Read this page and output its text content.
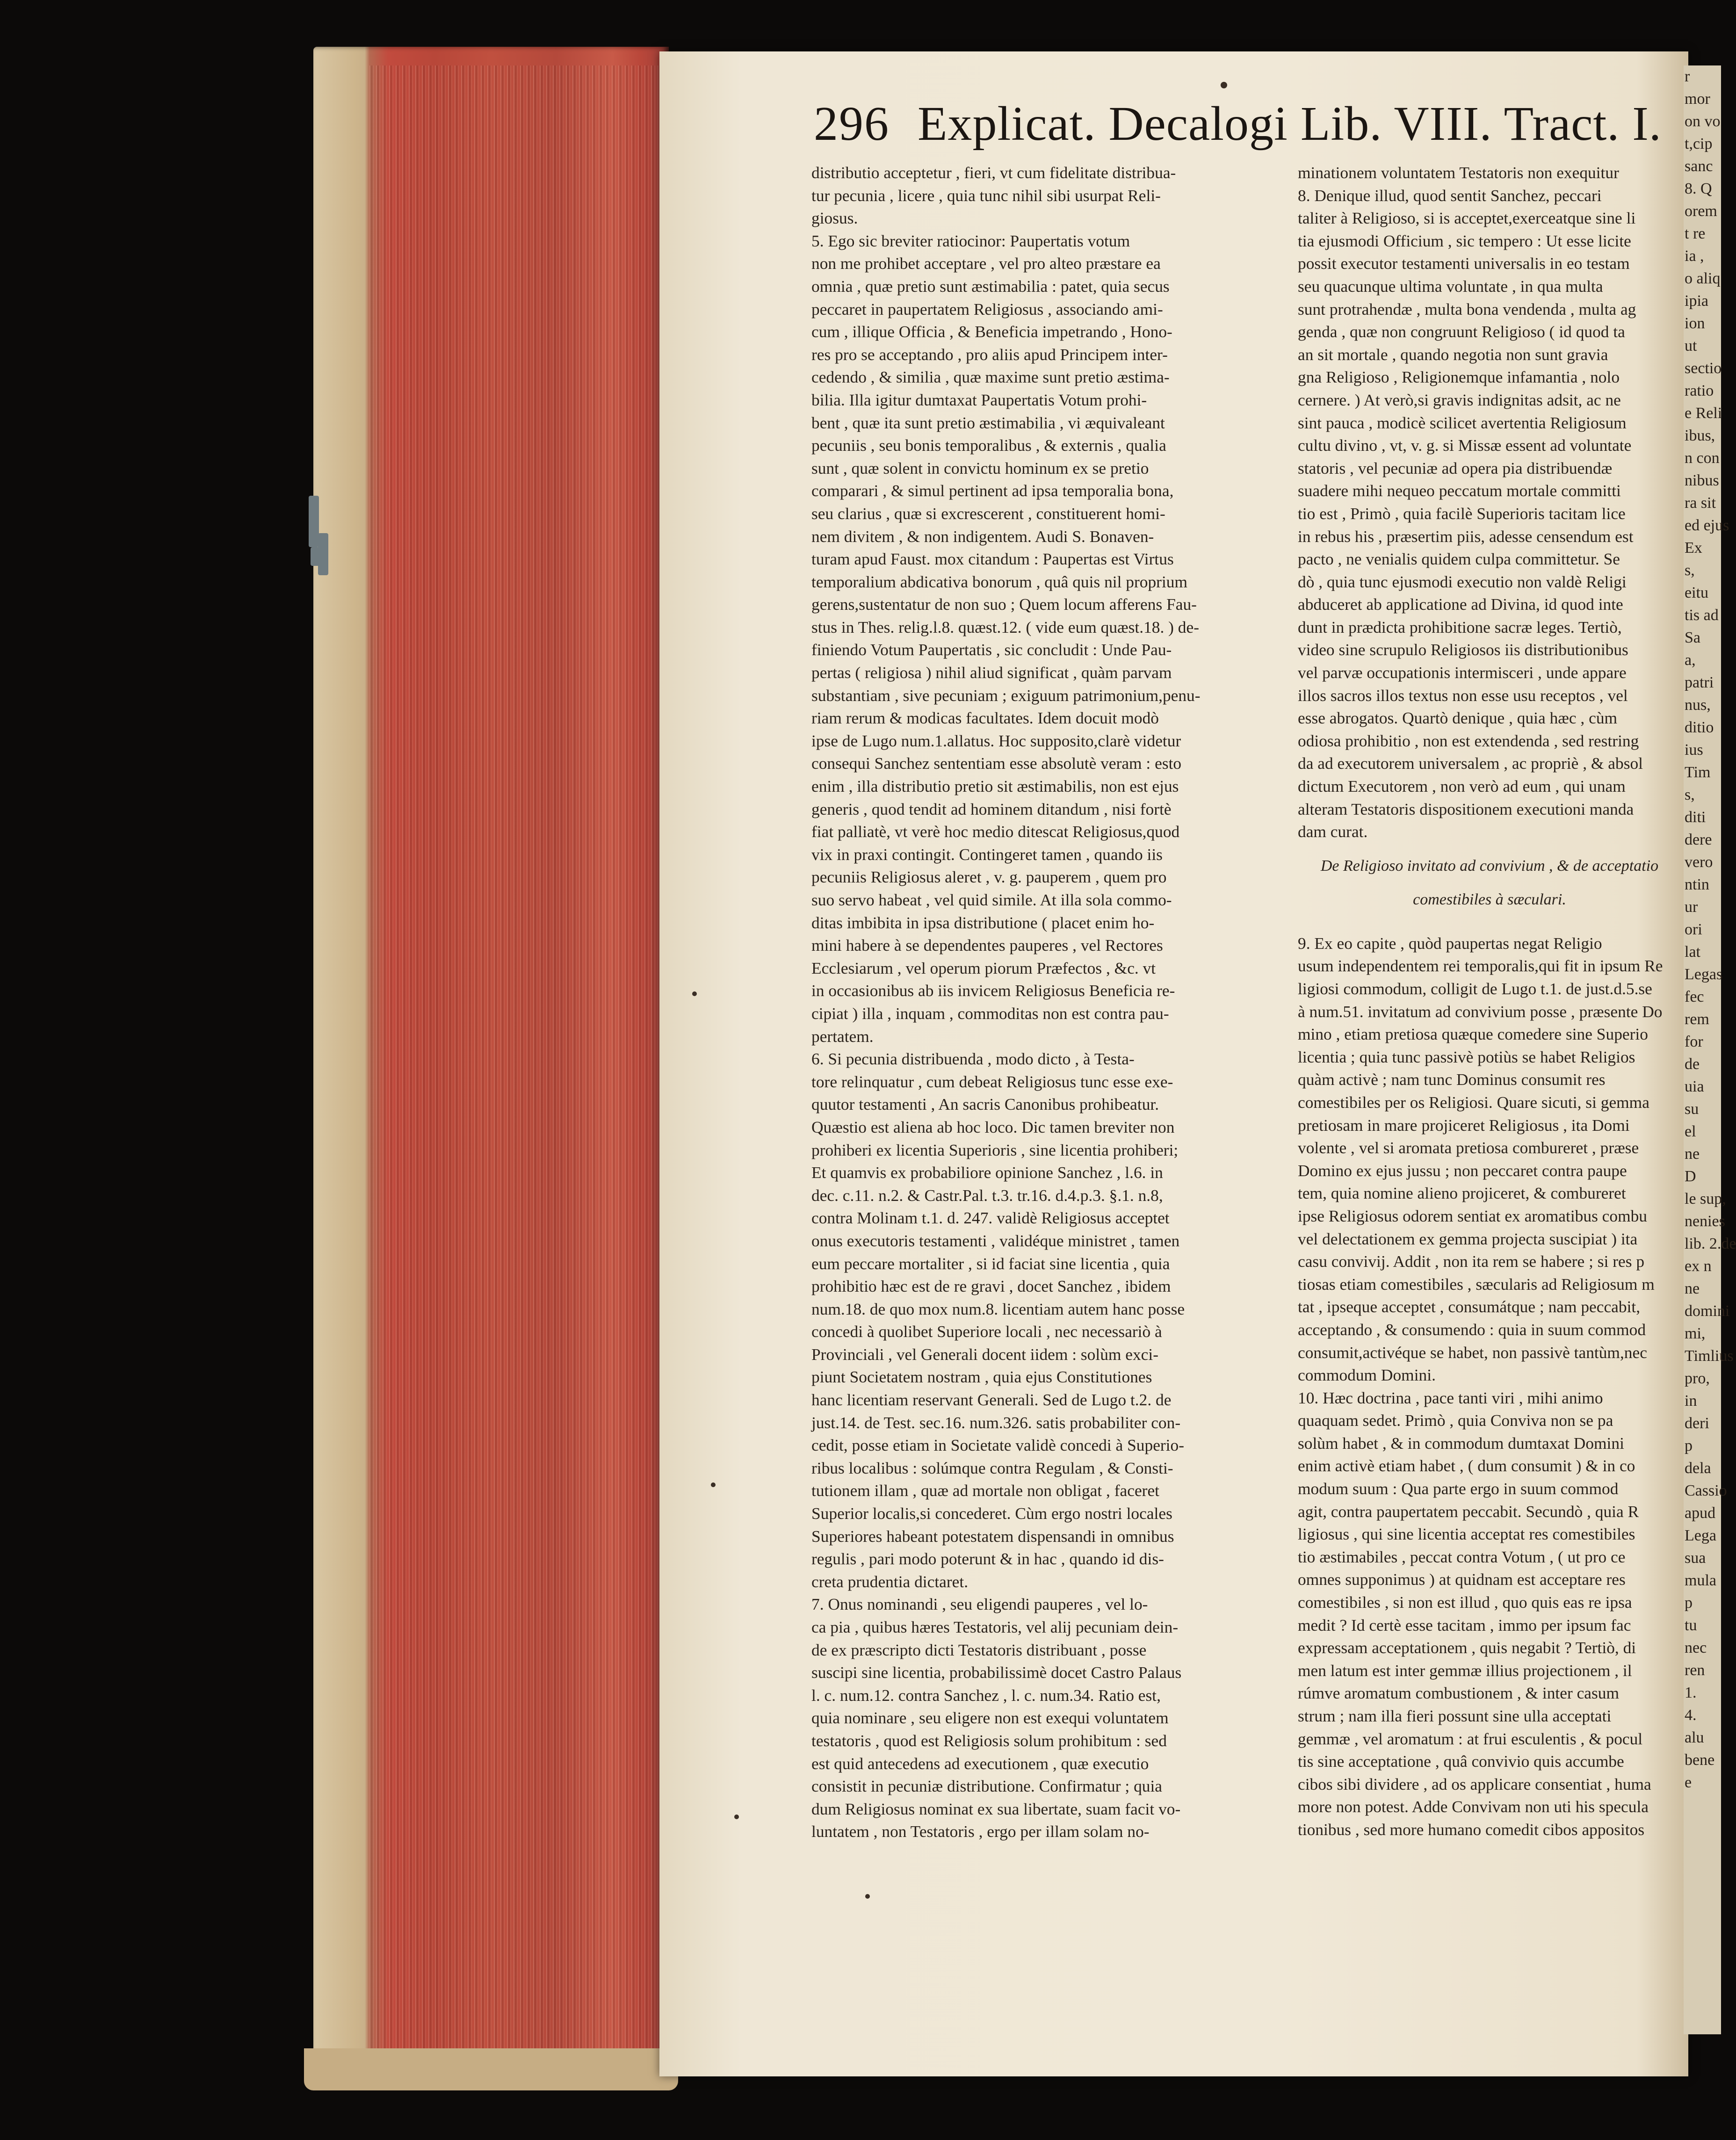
r
mor
on vo
t,cip
sanc
8. Q
orem
t re
ia ,
o aliq
ipia
ion
ut
sectio
ratio
e Reli
ibus,
n con
nibus
ra sit
ed ejus
Ex
s,
eitu
tis ad
Sa
a,
patri
nus,
ditio
ius
Tim
s,
diti
dere
vero
ntin
ur
ori
lat
Legas
fec
rem
for
de
uia
su
el
ne
D
le sup,
nenies
lib. 2.de
ex n
ne
domini
mi,
Timlius
pro,
in
deri
p
dela
Cassio
apud
Lega
sua
mula
p
tu
nec
ren
1.
4.
alu
bene
e
296 Explicat. Decalogi Lib. VIII. Tract. I.

distributio acceptetur , fieri, vt cum fidelitate distribua-

tur pecunia , licere , quia tunc nihil sibi usurpat Reli-

giosus.

5. Ego sic breviter ratiocinor: Paupertatis votum

non me prohibet acceptare , vel pro alteo præstare ea

omnia , quæ pretio sunt æstimabilia : patet, quia secus

peccaret in paupertatem Religiosus , associando ami-

cum , illique Officia , & Beneficia impetrando , Hono-

res pro se acceptando , pro aliis apud Principem inter-

cedendo , & similia , quæ maxime sunt pretio æstima-

bilia. Illa igitur dumtaxat Paupertatis Votum prohi-

bent , quæ ita sunt pretio æstimabilia , vi æquivaleant

pecuniis , seu bonis temporalibus , & externis , qualia

sunt , quæ solent in convictu hominum ex se pretio

comparari , & simul pertinent ad ipsa temporalia bona,

seu clarius , quæ si excrescerent , constituerent homi-

nem divitem , & non indigentem. Audi S. Bonaven-

turam apud Faust. mox citandum : Paupertas est Virtus

temporalium abdicativa bonorum , quâ quis nil proprium

gerens,sustentatur de non suo ; Quem locum afferens Fau-

stus in Thes. relig.l.8. quæst.12. ( vide eum quæst.18. ) de-

finiendo Votum Paupertatis , sic concludit : Unde Pau-

pertas ( religiosa ) nihil aliud significat , quàm parvam

substantiam , sive pecuniam ; exiguum patrimonium,penu-

riam rerum & modicas facultates. Idem docuit modò

ipse de Lugo num.1.allatus. Hoc supposito,clarè videtur

consequi Sanchez sententiam esse absolutè veram : esto

enim , illa distributio pretio sit æstimabilis, non est ejus

generis , quod tendit ad hominem ditandum , nisi fortè

fiat palliatè, vt verè hoc medio ditescat Religiosus,quod

vix in praxi contingit. Contingeret tamen , quando iis

pecuniis Religiosus aleret , v. g. pauperem , quem pro

suo servo habeat , vel quid simile. At illa sola commo-

ditas imbibita in ipsa distributione ( placet enim ho-

mini habere à se dependentes pauperes , vel Rectores

Ecclesiarum , vel operum piorum Præfectos , &c. vt

in occasionibus ab iis invicem Religiosus Beneficia re-

cipiat ) illa , inquam , commoditas non est contra pau-

pertatem.

6. Si pecunia distribuenda , modo dicto , à Testa-

tore relinquatur , cum debeat Religiosus tunc esse exe-

quutor testamenti , An sacris Canonibus prohibeatur.

Quæstio est aliena ab hoc loco. Dic tamen breviter non

prohiberi ex licentia Superioris , sine licentia prohiberi;

Et quamvis ex probabiliore opinione Sanchez , l.6. in

dec. c.11. n.2. & Castr.Pal. t.3. tr.16. d.4.p.3. §.1. n.8,

contra Molinam t.1. d. 247. validè Religiosus acceptet

onus executoris testamenti , validéque ministret , tamen

eum peccare mortaliter , si id faciat sine licentia , quia

prohibitio hæc est de re gravi , docet Sanchez , ibidem

num.18. de quo mox num.8. licentiam autem hanc posse

concedi à quolibet Superiore locali , nec necessariò à

Provinciali , vel Generali docent iidem : solùm exci-

piunt Societatem nostram , quia ejus Constitutiones

hanc licentiam reservant Generali. Sed de Lugo t.2. de

just.14. de Test. sec.16. num.326. satis probabiliter con-

cedit, posse etiam in Societate validè concedi à Superio-

ribus localibus : solúmque contra Regulam , & Consti-

tutionem illam , quæ ad mortale non obligat , faceret

Superior localis,si concederet. Cùm ergo nostri locales

Superiores habeant potestatem dispensandi in omnibus

regulis , pari modo poterunt & in hac , quando id dis-

creta prudentia dictaret.

7. Onus nominandi , seu eligendi pauperes , vel lo-

ca pia , quibus hæres Testatoris, vel alij pecuniam dein-

de ex præscripto dicti Testatoris distribuant , posse

suscipi sine licentia, probabilissimè docet Castro Palaus

l. c. num.12. contra Sanchez , l. c. num.34. Ratio est,

quia nominare , seu eligere non est exequi voluntatem

testatoris , quod est Religiosis solum prohibitum : sed

est quid antecedens ad executionem , quæ executio

consistit in pecuniæ distributione. Confirmatur ; quia

dum Religiosus nominat ex sua libertate, suam facit vo-

luntatem , non Testatoris , ergo per illam solam no-

minationem voluntatem Testatoris non exequitur

8. Denique illud, quod sentit Sanchez, peccari

taliter à Religioso, si is acceptet,exerceatque sine li

tia ejusmodi Officium , sic tempero : Ut esse licite

possit executor testamenti universalis in eo testam

seu quacunque ultima voluntate , in qua multa

sunt protrahendæ , multa bona vendenda , multa ag

genda , quæ non congruunt Religioso ( id quod ta

an sit mortale , quando negotia non sunt gravia

gna Religioso , Religionemque infamantia , nolo

cernere. ) At verò,si gravis indignitas adsit, ac ne

sint pauca , modicè scilicet avertentia Religiosum

cultu divino , vt, v. g. si Missæ essent ad voluntate

statoris , vel pecuniæ ad opera pia distribuendæ

suadere mihi nequeo peccatum mortale committi

tio est , Primò , quia facilè Superioris tacitam lice

in rebus his , præsertim piis, adesse censendum est

pacto , ne venialis quidem culpa committetur. Se

dò , quia tunc ejusmodi executio non valdè Religi

abduceret ab applicatione ad Divina, id quod inte

dunt in prædicta prohibitione sacræ leges. Tertiò,

video sine scrupulo Religiosos iis distributionibus

vel parvæ occupationis intermisceri , unde appare

illos sacros illos textus non esse usu receptos , vel

esse abrogatos. Quartò denique , quia hæc , cùm

odiosa prohibitio , non est extendenda , sed restring

da ad executorem universalem , ac propriè , & absol

dictum Executorem , non verò ad eum , qui unam

alteram Testatoris dispositionem executioni manda

dam curat.

De Religioso invitato ad convivium , & de acceptatio

comestibiles à sæculari.

9. Ex eo capite , quòd paupertas negat Religio

usum independentem rei temporalis,qui fit in ipsum Re

ligiosi commodum, colligit de Lugo t.1. de just.d.5.se

à num.51. invitatum ad convivium posse , præsente Do

mino , etiam pretiosa quæque comedere sine Superio

licentia ; quia tunc passivè potiùs se habet Religios

quàm activè ; nam tunc Dominus consumit res

comestibiles per os Religiosi. Quare sicuti, si gemma

pretiosam in mare projiceret Religiosus , ita Domi

volente , vel si aromata pretiosa combureret , præse

Domino ex ejus jussu ; non peccaret contra paupe

tem, quia nomine alieno projiceret, & combureret

ipse Religiosus odorem sentiat ex aromatibus combu

vel delectationem ex gemma projecta suscipiat ) ita

casu convivij. Addit , non ita rem se habere ; si res p

tiosas etiam comestibiles , sæcularis ad Religiosum m

tat , ipseque acceptet , consumátque ; nam peccabit,

acceptando , & consumendo : quia in suum commod

consumit,activéque se habet, non passivè tantùm,nec

commodum Domini.

10. Hæc doctrina , pace tanti viri , mihi animo

quaquam sedet. Primò , quia Conviva non se pa

solùm habet , & in commodum dumtaxat Domini

enim activè etiam habet , ( dum consumit ) & in co

modum suum : Qua parte ergo in suum commod

agit, contra paupertatem peccabit. Secundò , quia R

ligiosus , qui sine licentia acceptat res comestibiles

tio æstimabiles , peccat contra Votum , ( ut pro ce

omnes supponimus ) at quidnam est acceptare res

comestibiles , si non est illud , quo quis eas re ipsa

medit ? Id certè esse tacitam , immo per ipsum fac

expressam acceptationem , quis negabit ? Tertiò, di

men latum est inter gemmæ illius projectionem , il

rúmve aromatum combustionem , & inter casum

strum ; nam illa fieri possunt sine ulla acceptati

gemmæ , vel aromatum : at frui esculentis , & pocul

tis sine acceptatione , quâ convivio quis accumbe

cibos sibi dividere , ad os applicare consentiat , huma

more non potest. Adde Convivam non uti his specula

tionibus , sed more humano comedit cibos appositos
